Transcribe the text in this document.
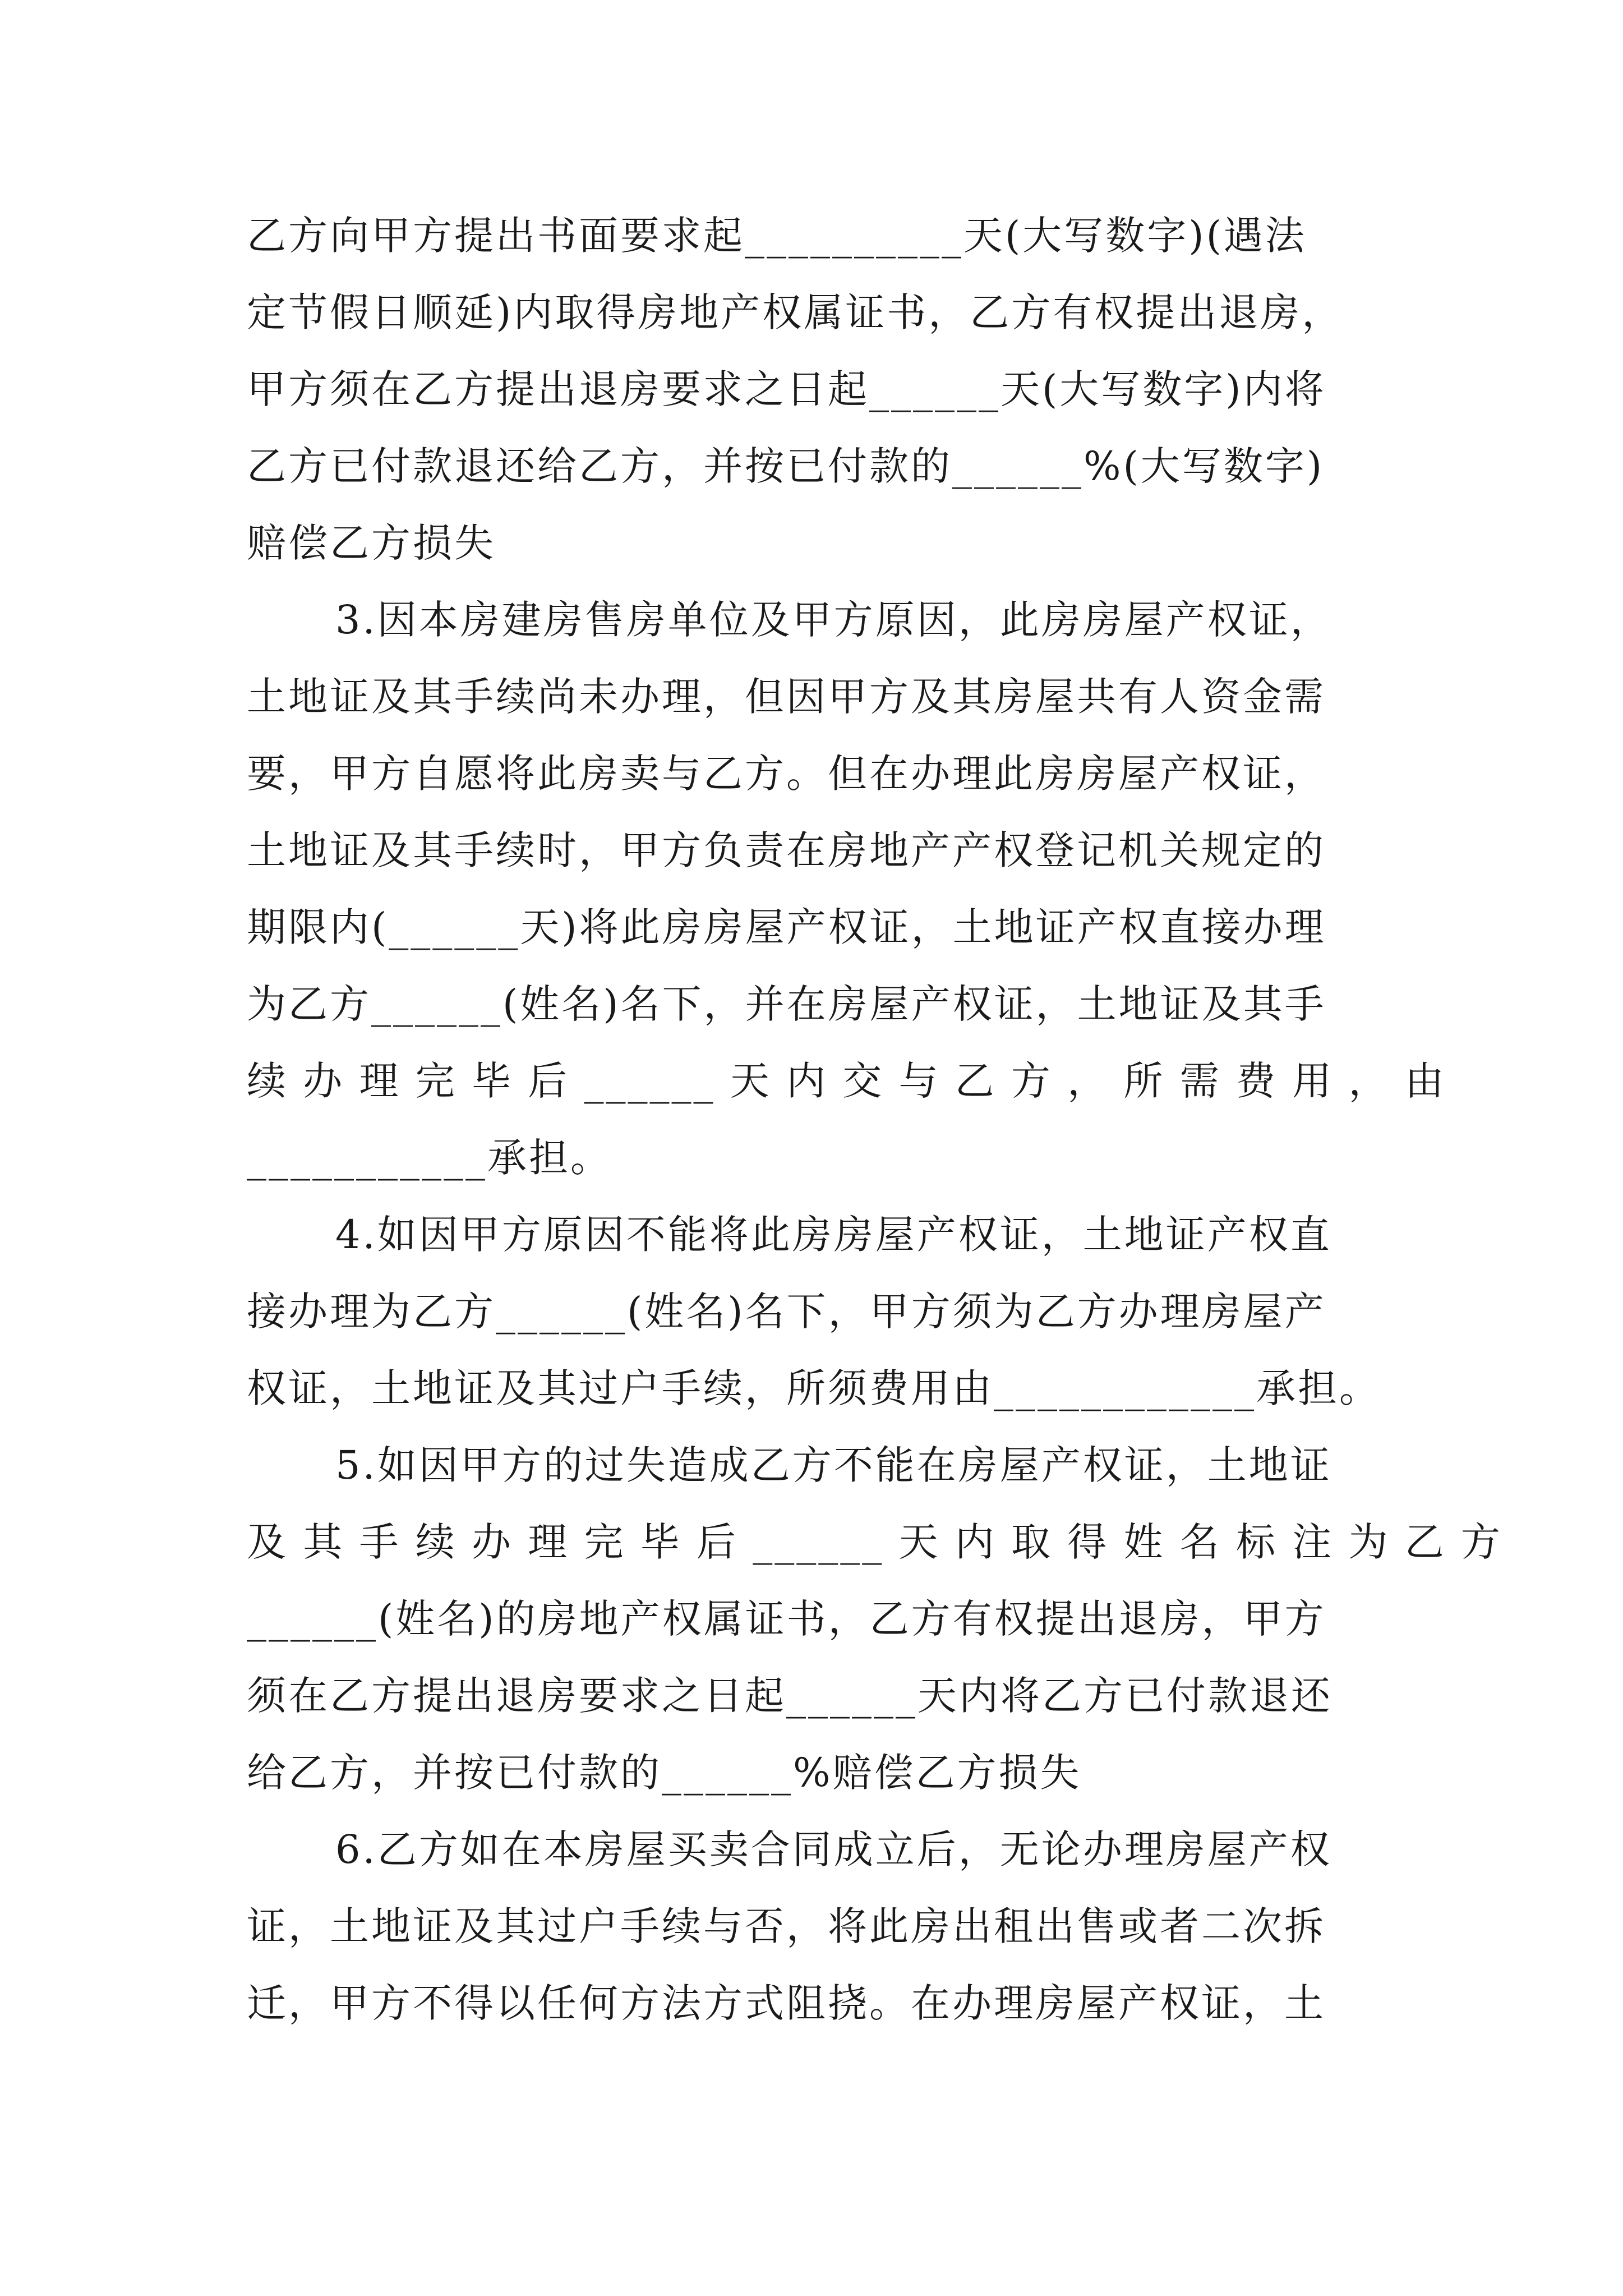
乙方向甲方提出书面要求起__________天(大写数字)(遇法
定节假日顺延)内取得房地产权属证书，乙方有权提出退房，
甲方须在乙方提出退房要求之日起______天(大写数字)内将
乙方已付款退还给乙方，并按已付款的______%(大写数字)
赔偿乙方损失
3.因本房建房售房单位及甲方原因，此房房屋产权证，
土地证及其手续尚未办理，但因甲方及其房屋共有人资金需
要，甲方自愿将此房卖与乙方。但在办理此房房屋产权证，
土地证及其手续时，甲方负责在房地产产权登记机关规定的
期限内(______天)将此房房屋产权证，土地证产权直接办理
为乙方______(姓名)名下，并在房屋产权证，土地证及其手
续 办 理 完 毕 后 ______ 天 内 交 与 乙 方 ， 所 需 费 用 ， 由
___________承担。
4.如因甲方原因不能将此房房屋产权证，土地证产权直
接办理为乙方______(姓名)名下，甲方须为乙方办理房屋产
权证，土地证及其过户手续，所须费用由____________承担。
5.如因甲方的过失造成乙方不能在房屋产权证，土地证
及 其 手 续 办 理 完 毕 后 ______ 天 内 取 得 姓 名 标 注 为 乙 方
______(姓名)的房地产权属证书，乙方有权提出退房，甲方
须在乙方提出退房要求之日起______天内将乙方已付款退还
给乙方，并按已付款的______%赔偿乙方损失
6.乙方如在本房屋买卖合同成立后，无论办理房屋产权
证，土地证及其过户手续与否，将此房出租出售或者二次拆
迁，甲方不得以任何方法方式阻挠。在办理房屋产权证，土
